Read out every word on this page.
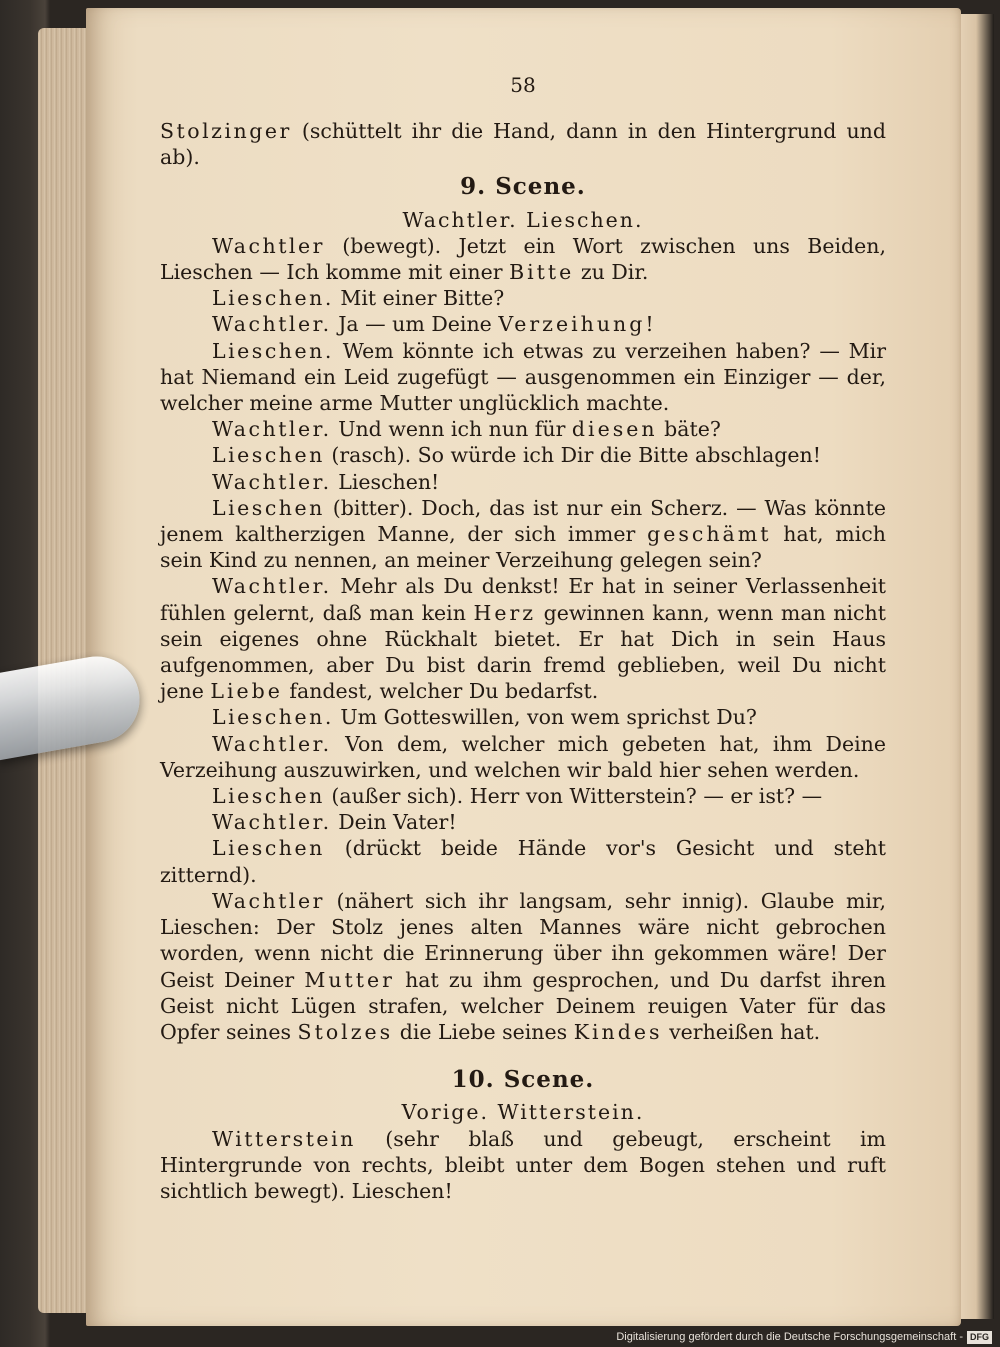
58

Stolzinger (schüttelt ihr die Hand, dann in den Hintergrund und ab).

9. Scene.
Wachtler. Lieschen.

Wachtler (bewegt). Jetzt ein Wort zwischen uns Beiden, Lieschen — Ich komme mit einer Bitte zu Dir.

Lieschen. Mit einer Bitte?

Wachtler. Ja — um Deine Verzeihung!

Lieschen. Wem könnte ich etwas zu verzeihen haben? — Mir hat Niemand ein Leid zugefügt — ausgenommen ein Einziger — der, welcher meine arme Mutter unglücklich machte.

Wachtler. Und wenn ich nun für diesen bäte?

Lieschen (rasch). So würde ich Dir die Bitte abschlagen!

Wachtler. Lieschen!

Lieschen (bitter). Doch, das ist nur ein Scherz. — Was könnte jenem kaltherzigen Manne, der sich immer geschämt hat, mich sein Kind zu nennen, an meiner Verzeihung gelegen sein?

Wachtler. Mehr als Du denkst! Er hat in seiner Verlassenheit fühlen gelernt, daß man kein Herz gewinnen kann, wenn man nicht sein eigenes ohne Rückhalt bietet. Er hat Dich in sein Haus aufgenommen, aber Du bist darin fremd geblieben, weil Du nicht jene Liebe fandest, welcher Du bedarfst.

Lieschen. Um Gotteswillen, von wem sprichst Du?

Wachtler. Von dem, welcher mich gebeten hat, ihm Deine Verzeihung auszuwirken, und welchen wir bald hier sehen werden.

Lieschen (außer sich). Herr von Witterstein? — er ist? —

Wachtler. Dein Vater!

Lieschen (drückt beide Hände vor's Gesicht und steht zitternd).

Wachtler (nähert sich ihr langsam, sehr innig). Glaube mir, Lieschen: Der Stolz jenes alten Mannes wäre nicht gebrochen worden, wenn nicht die Erinnerung über ihn gekommen wäre! Der Geist Deiner Mutter hat zu ihm gesprochen, und Du darfst ihren Geist nicht Lügen strafen, welcher Deinem reuigen Vater für das Opfer seines Stolzes die Liebe seines Kindes verheißen hat.

10. Scene.
Vorige. Witterstein.

Witterstein (sehr blaß und gebeugt, erscheint im Hintergrunde von rechts, bleibt unter dem Bogen stehen und ruft sichtlich bewegt). Lieschen!

Digitalisierung gefördert durch die Deutsche Forschungsgemeinschaft - DFG
